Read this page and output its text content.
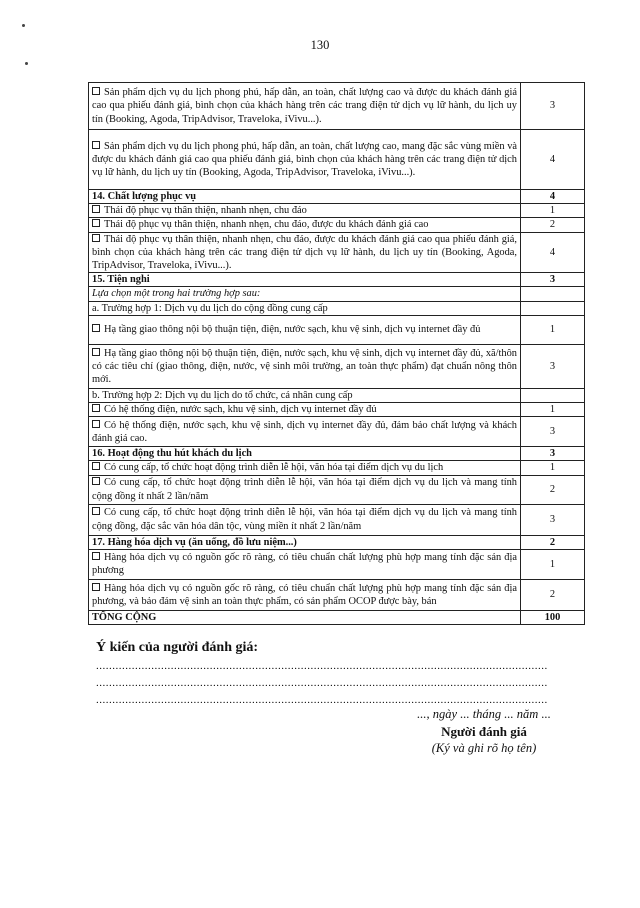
130
Sản phẩm dịch vụ du lịch phong phú, hấp dẫn, an toàn, chất lượng cao và được du khách đánh giá cao qua phiếu đánh giá, bình chọn của khách hàng trên các trang điện tử dịch vụ lữ hành, du lịch uy tín (Booking, Agoda, TripAdvisor, Traveloka, iVivu...).	3
Sản phẩm dịch vụ du lịch phong phú, hấp dẫn, an toàn, chất lượng cao, mang đặc sắc vùng miền và được du khách đánh giá cao qua phiếu đánh giá, bình chọn của khách hàng trên các trang điện tử dịch vụ lữ hành, du lịch uy tín (Booking, Agoda, TripAdvisor, Traveloka, iVivu...).	4
14. Chất lượng phục vụ	4
Thái độ phục vụ thân thiện, nhanh nhẹn, chu đáo	1
Thái độ phục vụ thân thiện, nhanh nhẹn, chu đáo, được du khách đánh giá cao	2
Thái độ phục vụ thân thiện, nhanh nhẹn, chu đáo, được du khách đánh giá cao qua phiếu đánh giá, bình chọn của khách hàng trên các trang điện tử dịch vụ lữ hành, du lịch uy tín (Booking, Agoda, TripAdvisor, Traveloka, iVivu...).	4
15. Tiện nghi	3
Lựa chọn một trong hai trường hợp sau:	
a. Trường hợp 1: Dịch vụ du lịch do cộng đồng cung cấp	
Hạ tầng giao thông nội bộ thuận tiện, điện, nước sạch, khu vệ sinh, dịch vụ internet đầy đủ	1
Hạ tầng giao thông nội bộ thuận tiện, điện, nước sạch, khu vệ sinh, dịch vụ internet đầy đủ, xã/thôn có các tiêu chí (giao thông, điện, nước, vệ sinh môi trường, an toàn thực phẩm) đạt chuẩn nông thôn mới.	3
b. Trường hợp 2: Dịch vụ du lịch do tổ chức, cá nhân cung cấp	
Có hệ thống điện, nước sạch, khu vệ sinh, dịch vụ internet đầy đủ	1
Có hệ thống điện, nước sạch, khu vệ sinh, dịch vụ internet đầy đủ, đảm bảo chất lượng và khách đánh giá cao.	3
16. Hoạt động thu hút khách du lịch	3
Có cung cấp, tổ chức hoạt động trình diễn lễ hội, văn hóa tại điểm dịch vụ du lịch	1
Có cung cấp, tổ chức hoạt động trình diễn lễ hội, văn hóa tại điểm dịch vụ du lịch và mang tính cộng đồng ít nhất 2 lần/năm	2
Có cung cấp, tổ chức hoạt động trình diễn lễ hội, văn hóa tại điểm dịch vụ du lịch và mang tính cộng đồng, đặc sắc văn hóa dân tộc, vùng miền ít nhất 2 lần/năm	3
17. Hàng hóa dịch vụ (ăn uống, đồ lưu niệm...)	2
Hàng hóa dịch vụ có nguồn gốc rõ ràng, có tiêu chuẩn chất lượng phù hợp mang tính đặc sản địa phương	1
Hàng hóa dịch vụ có nguồn gốc rõ ràng, có tiêu chuẩn chất lượng phù hợp mang tính đặc sản địa phương, và bảo đảm vệ sinh an toàn thực phẩm, có sản phẩm OCOP được bày, bán	2
TỔNG CỘNG	100
Ý kiến của người đánh giá:
...........................................................................................................................................
...........................................................................................................................................
...........................................................................................................................................
..., ngày ... tháng ... năm ...
Người đánh giá
(Ký và ghi rõ họ tên)
